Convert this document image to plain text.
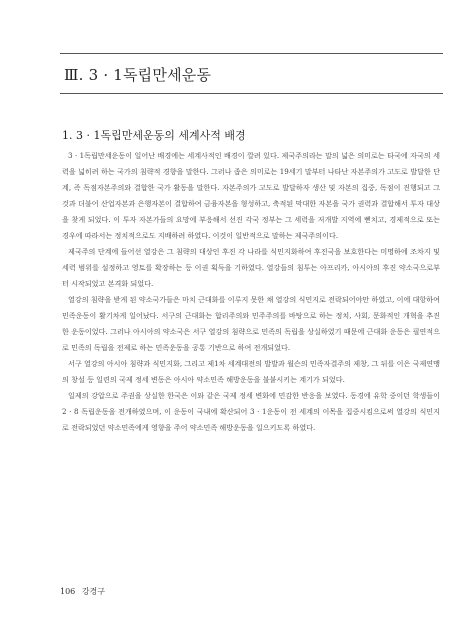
Ⅲ. 3 · 1독립만세운동
1. 3 · 1독립만세운동의 세계사적 배경

3 · 1독립만세운동이 일어난 배경에는 세계사적인 배경이 깔려 있다. 제국주의라는 말의 넓은 의미로는 타국에 자국의 세력을 넓히려 하는 국가의 침략적 경향을 말한다. 그러나 좁은 의미로는 19세기 말부터 나타난 자본주의가 고도로 발달한 단계, 즉 독점자본주의와 결합한 국가 활동을 말한다. 자본주의가 고도로 발달하자 생산 및 자본의 집중, 독점이 진행되고 그것과 더불어 산업자본과 은행자본이 결합하여 금융자본을 형성하고, 축적된 막대한 자본을 국가 권력과 결합해서 투자 대상을 찾게 되었다. 이 투자 자본가들의 요망에 부응해서 선진 각국 정부는 그 세력을 저개발 지역에 뻗치고, 경제적으로 또는 경우에 따라서는 정치적으로도 지배하려 하였다. 이것이 일반적으로 말하는 제국주의이다.

제국주의 단계에 들어선 열강은 그 침략의 대상인 후진 각 나라를 식민지화하여 후진국을 보호한다는 미명하에 조차지 및 세력 범위를 설정하고 영토를 확장하는 등 이권 획득을 기하였다. 열강들의 침투는 아프리카, 아시아의 후진 약소국으로부터 시작되었고 본격화 되었다.

열강의 침략을 받게 된 약소국가들은 마치 근대화를 이루지 못한 채 열강의 식민지로 전락되어야만 하였고, 이에 대항하여 민족운동이 활기차게 일어났다. 서구의 근대화는 합리주의와 민주주의를 바탕으로 하는 정치, 사회, 문화적인 개혁을 추진한 운동이었다. 그러나 아시아의 약소국은 서구 열강의 침략으로 민족의 독립을 상실하였기 때문에 근대화 운동은 필연적으로 민족의 독립을 전제로 하는 민족운동을 공통 기반으로 하여 전개되었다.

서구 열강의 아시아 침략과 식민지화, 그리고 제1차 세계대전의 발발과 윌슨의 민족자결주의 제창, 그 뒤를 이은 국제연맹의 창설 등 일련의 국제 정세 변동은 아시아 약소민족 해방운동을 불붙시키는 계기가 되었다.

일제의 강압으로 주권을 상실한 한국은 이와 같은 국제 정세 변화에 민감한 반응을 보였다. 동경에 유학 중이던 학생들이 2 · 8 독립운동을 전개하였으며, 이 운동이 국내에 확산되어 3 · 1운동이 전 세계의 이목을 집중시킴으로써 열강의 식민지로 전락되었던 약소민족에게 영향을 주어 약소민족 해방운동을 일으키도록 하였다.

106 강경구
